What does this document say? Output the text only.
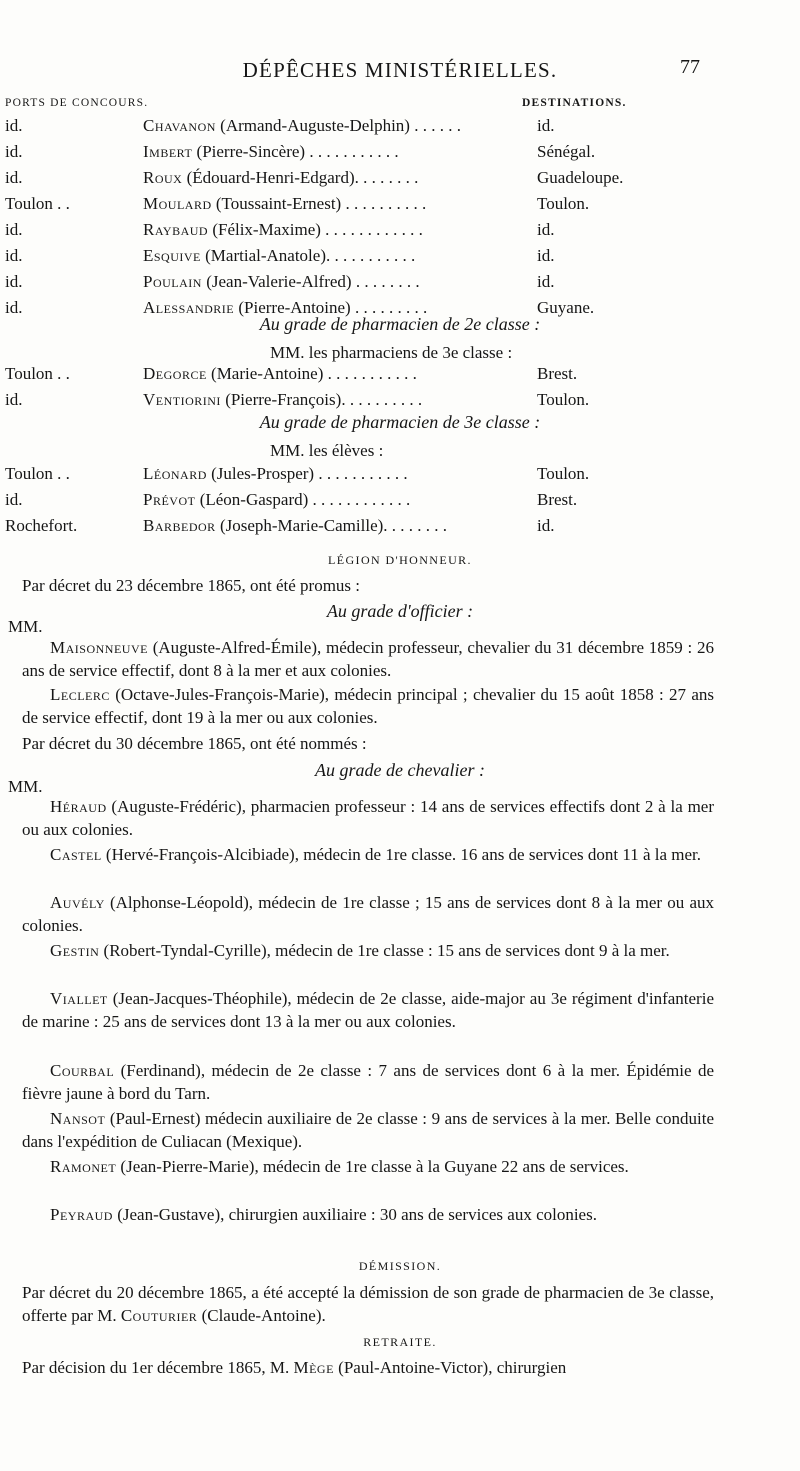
DÉPÊCHES MINISTÉRIELLES.	77
PORTS DE CONCOURS.	DESTINATIONS.
id.	Chavanon (Armand-Auguste-Delphin) . . . . . .	id.
id.	Imbert (Pierre-Sincère) . . . . . . . . . . .	Sénégal.
id.	Roux (Édouard-Henri-Edgard). . . . . . . .	Guadeloupe.
Toulon . .	Moulard (Toussaint-Ernest) . . . . . . . . . .	Toulon.
id.	Raybaud (Félix-Maxime) . . . . . . . . . . . .	id.
id.	Esquive (Martial-Anatole). . . . . . . . . . .	id.
id.	Poulain (Jean-Valerie-Alfred) . . . . . . . .	id.
id.	Alessandrie (Pierre-Antoine) . . . . . . . . .	Guyane.
Au grade de pharmacien de 2e classe :
MM. les pharmaciens de 3e classe :
Toulon . .	Degorce (Marie-Antoine) . . . . . . . . . . .	Brest.
id.	Ventiorini (Pierre-François). . . . . . . . . .	Toulon.
Au grade de pharmacien de 3e classe :
MM. les élèves :
Toulon . .	Léonard (Jules-Prosper) . . . . . . . . . . .	Toulon.
id.	Prévot (Léon-Gaspard) . . . . . . . . . . . .	Brest.
Rochefort.	Barbedor (Joseph-Marie-Camille). . . . . . . .	id.
LÉGION D'HONNEUR.
Par décret du 23 décembre 1865, ont été promus :
Au grade d'officier :
MM.
Maisonneuve (Auguste-Alfred-Émile), médecin professeur, chevalier du 31 décembre 1859 : 26 ans de service effectif, dont 8 à la mer et aux colonies.
Leclerc (Octave-Jules-François-Marie), médecin principal ; chevalier du 15 août 1858 : 27 ans de service effectif, dont 19 à la mer ou aux colonies.
Par décret du 30 décembre 1865, ont été nommés :
Au grade de chevalier :
MM.
Héraud (Auguste-Frédéric), pharmacien professeur : 14 ans de services effectifs dont 2 à la mer ou aux colonies.
Castel (Hervé-François-Alcibiade), médecin de 1re classe. 16 ans de services dont 11 à la mer.
Auvély (Alphonse-Léopold), médecin de 1re classe ; 15 ans de services dont 8 à la mer ou aux colonies.
Gestin (Robert-Tyndal-Cyrille), médecin de 1re classe : 15 ans de services dont 9 à la mer.
Viallet (Jean-Jacques-Théophile), médecin de 2e classe, aide-major au 3e régiment d'infanterie de marine : 25 ans de services dont 13 à la mer ou aux colonies.
Courbal (Ferdinand), médecin de 2e classe : 7 ans de services dont 6 à la mer. Épidémie de fièvre jaune à bord du Tarn.
Nansot (Paul-Ernest) médecin auxiliaire de 2e classe : 9 ans de services à la mer. Belle conduite dans l'expédition de Culiacan (Mexique).
Ramonet (Jean-Pierre-Marie), médecin de 1re classe à la Guyane 22 ans de services.
Peyraud (Jean-Gustave), chirurgien auxiliaire : 30 ans de services aux colonies.
DÉMISSION.
Par décret du 20 décembre 1865, a été accepté la démission de son grade de pharmacien de 3e classe, offerte par M. Couturier (Claude-Antoine).
RETRAITE.
Par décision du 1er décembre 1865, M. Mège (Paul-Antoine-Victor), chirurgien
